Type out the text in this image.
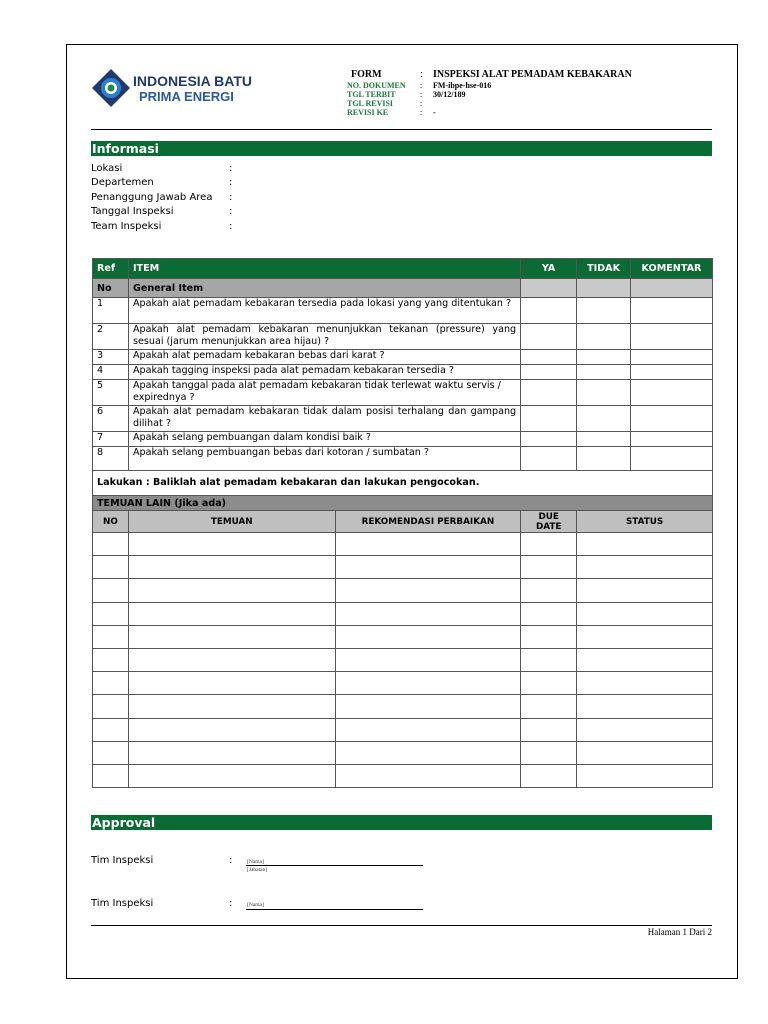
INDONESIA BATU
PRIMA ENERGI
FORM	: INSPEKSI ALAT PEMADAM KEBAKARAN
NO. DOKUMEN : FM-ibpe-hse-016
TGL TERBIT	: 30/12/189
TGL REVISI	:
REVISI KE	: -
Informasi
Lokasi	:
Departemen	:
Penanggung Jawab Area :
Tanggal Inspeksi	:
Team Inspeksi	:
Ref	ITEM	YA	TIDAK	KOMENTAR
No	General Item			
1	Apakah alat pemadam kebakaran tersedia pada lokasi yang yang ditentukan ?			
2	Apakah alat pemadam kebakaran menunjukkan tekanan (pressure) yang sesuai (jarum menunjukkan area hijau) ?			
3	Apakah alat pemadam kebakaran bebas dari karat ?			
4	Apakah tagging inspeksi pada alat pemadam kebakaran tersedia ?			
5	Apakah tanggal pada alat pemadam kebakaran tidak terlewat waktu servis / expirednya ?			
6	Apakah alat pemadam kebakaran tidak dalam posisi terhalang dan gampang dilihat ?			
7	Apakah selang pembuangan dalam kondisi baik ?			
8	Apakah selang pembuangan bebas dari kotoran / sumbatan ?			
Lakukan : Baliklah alat pemadam kebakaran dan lakukan pengocokan.				
TEMUAN LAIN (Jika ada)				
NO	TEMUAN	REKOMENDASI PERBAIKAN	DUE DATE	STATUS

Approval
Tim Inspeksi	:	[Nama]
[Jabatan]
Tim Inspeksi	:	[Nama]
Halaman 1 Dari 2
